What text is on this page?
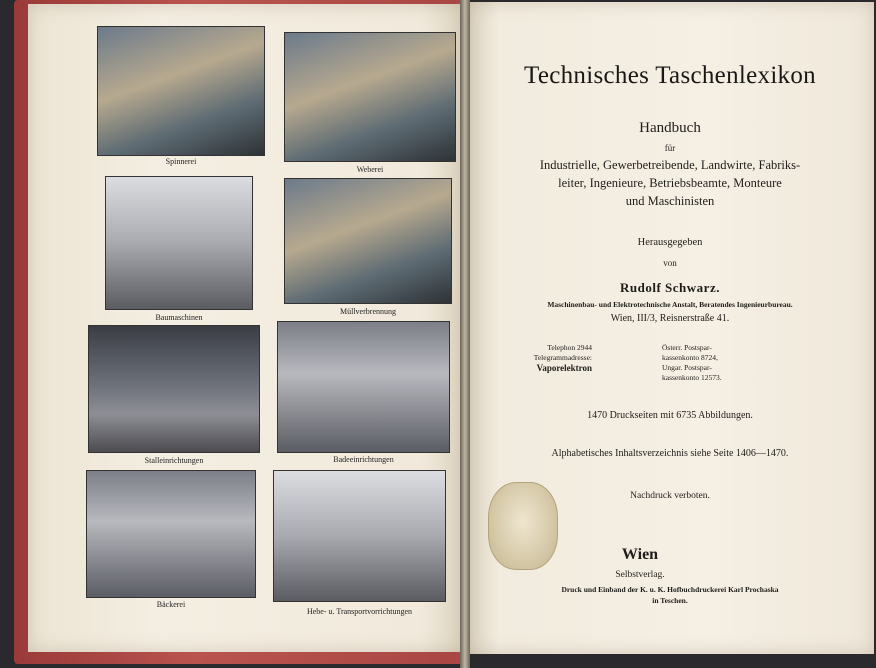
Spinnerei
Weberei
Baumaschinen
Müllverbrennung
Stalleinrichtungen	Badeeinrichtungen
Bäckerei
Hebe- u. Transportvorrichtungen
Technisches Taschenlexikon
Handbuch
für
Industrielle, Gewerbetreibende, Landwirte, Fabriks-
leiter, Ingenieure, Betriebsbeamte, Monteure
und Maschinisten
Herausgegeben
von
Rudolf Schwarz.
Maschinenbau- und Elektrotechnische Anstalt, Beratendes Ingenieurbureau.
Wien, III/3, Reisnerstraße 41.
Telephon 2944
Telegrammadresse:
Vaporelektron
Österr. Postspar-
kassenkonto 8724,
Ungar. Postspar-
kassenkonto 12573.
1470 Druckseiten mit 6735 Abbildungen.
Alphabetisches Inhaltsverzeichnis siehe Seite 1406—1470.
Nachdruck verboten.
Wien
Selbstverlag.
Druck und Einband der K. u. K. Hofbuchdruckerei Karl Prochaska
in Teschen.
